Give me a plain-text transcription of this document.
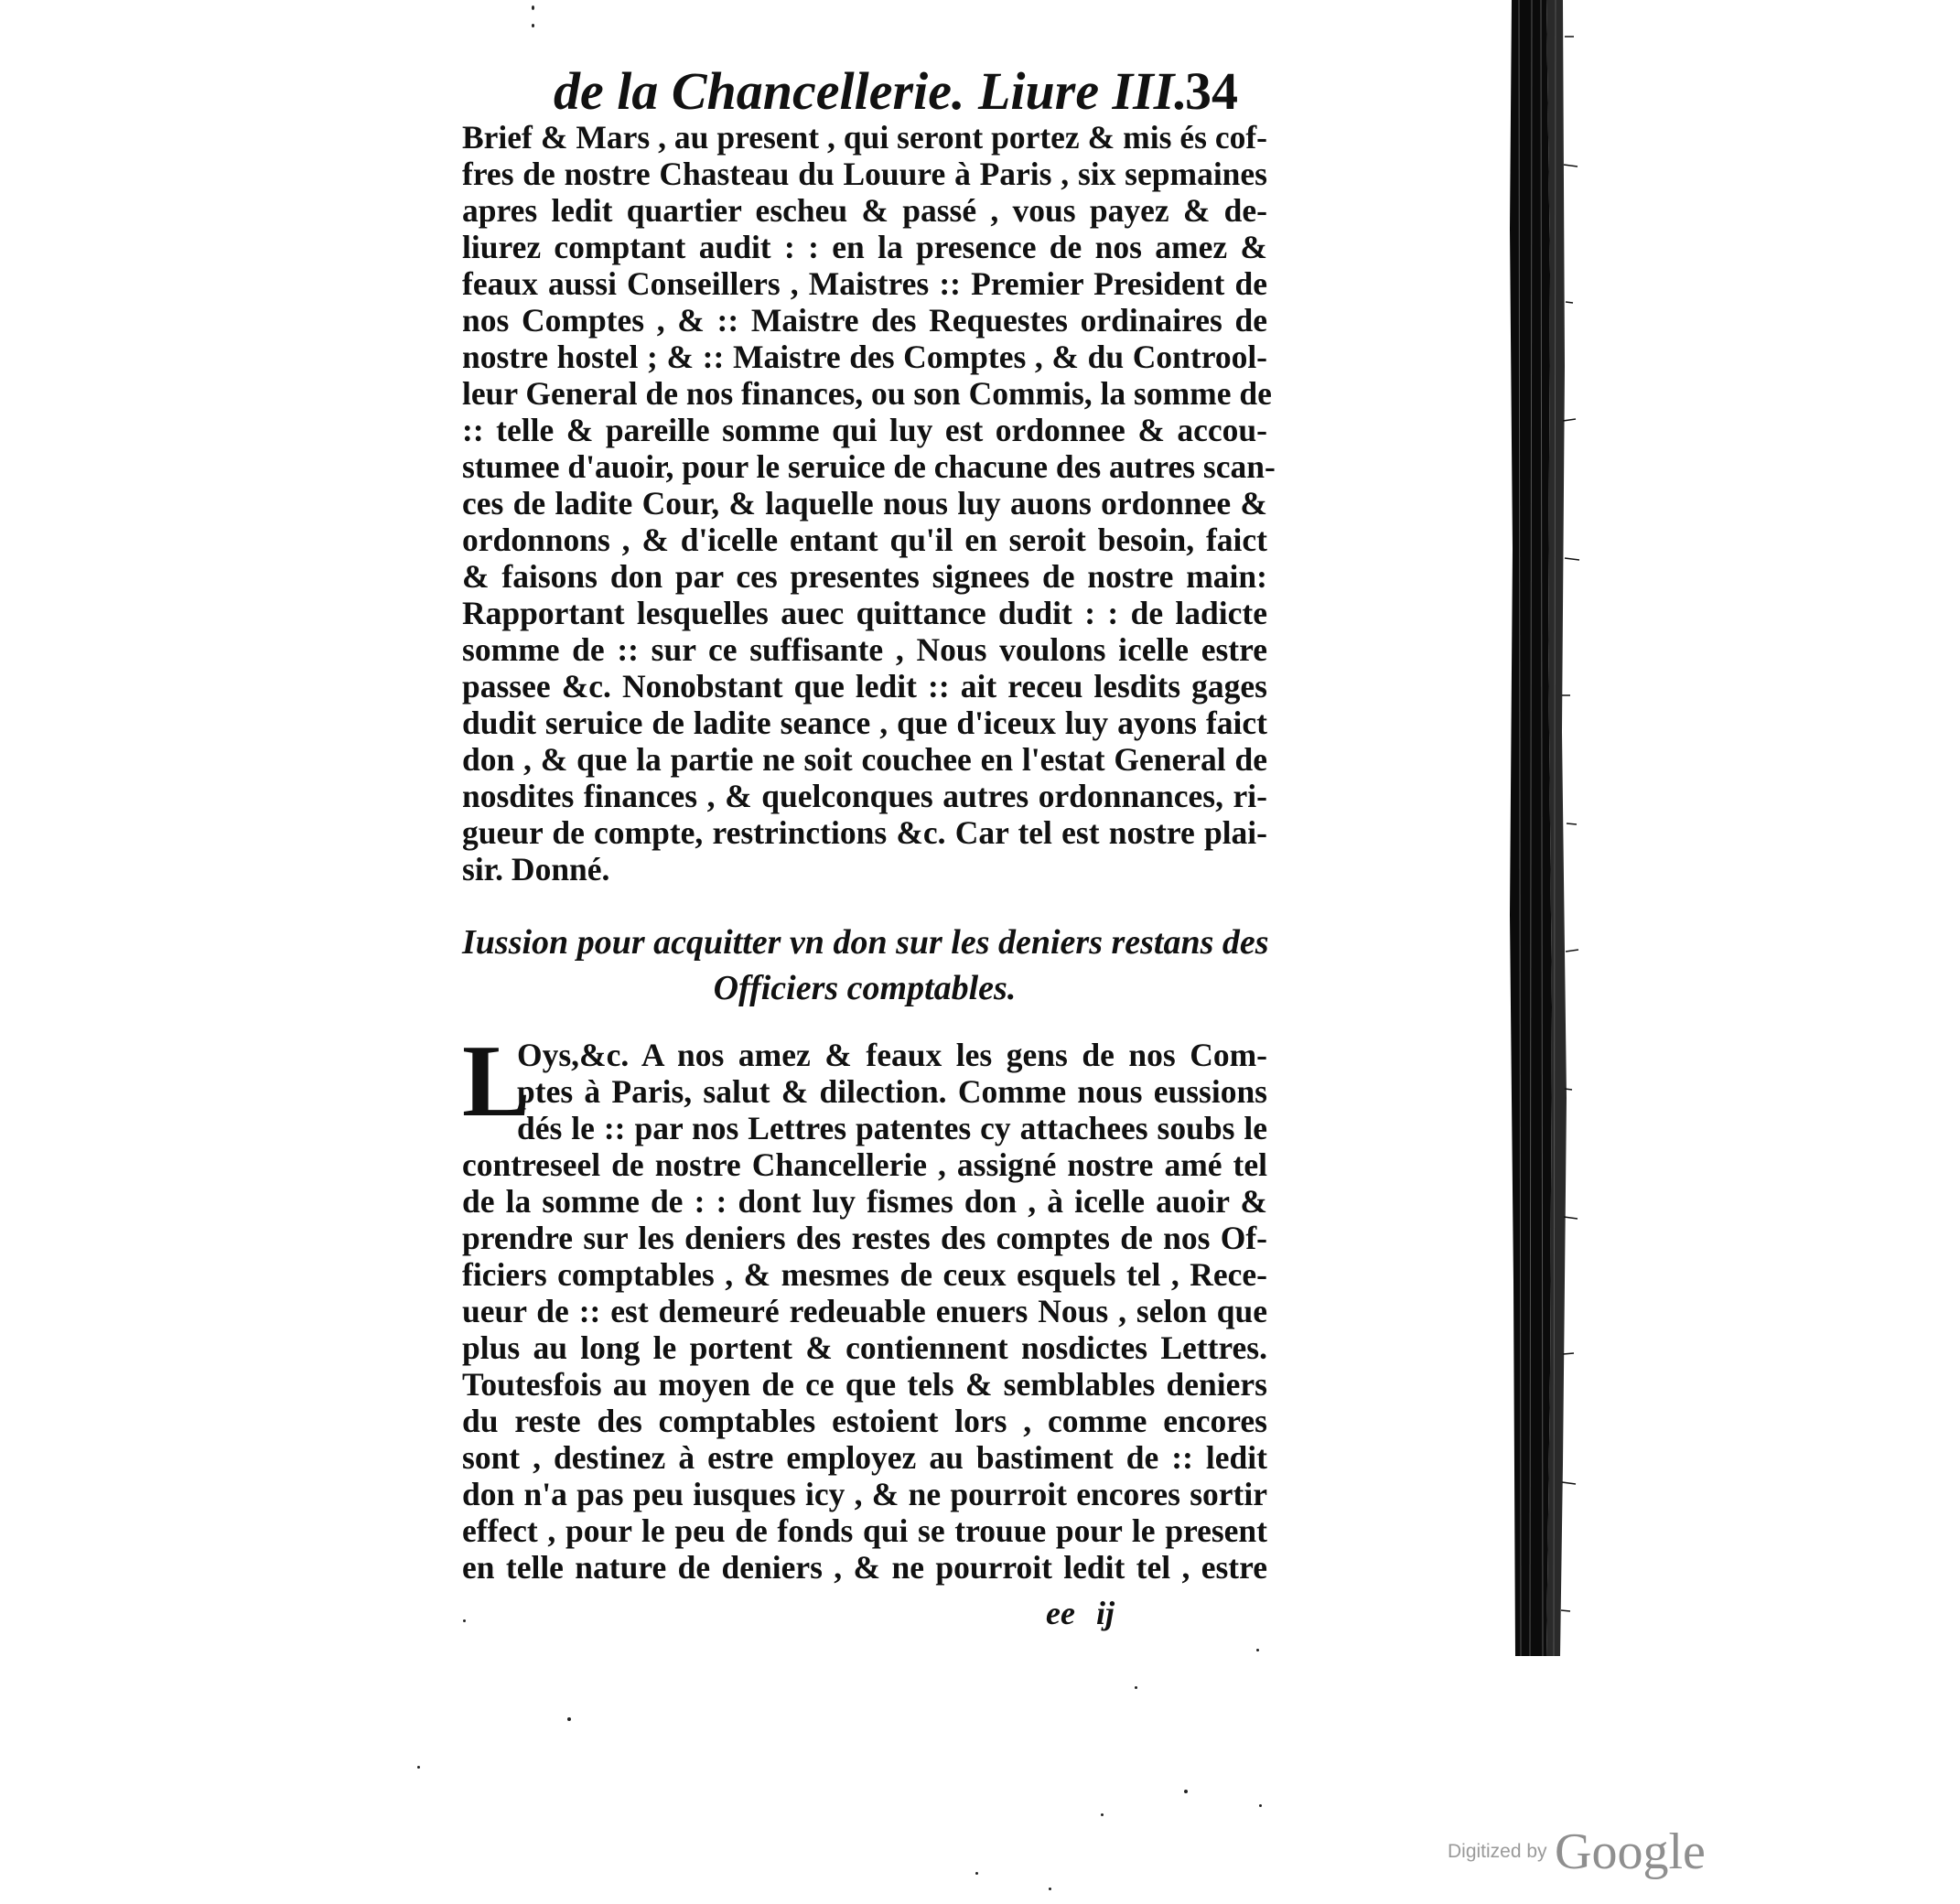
de la Chancellerie. Liure III.
34
Brief & Mars , au present , qui seront portez & mis és cof-
fres de nostre Chasteau du Louure à Paris , six sepmaines
apres ledit quartier escheu & passé , vous payez & de-
liurez comptant audit : : en la presence de nos amez &
feaux aussi Conseillers , Maistres :: Premier President de
nos Comptes , & :: Maistre des Requestes ordinaires de
nostre hostel ; & :: Maistre des Comptes , & du Controol-
leur General de nos finances, ou son Commis, la somme de
:: telle & pareille somme qui luy est ordonnee & accou-
stumee d'auoir, pour le seruice de chacune des autres scan-
ces de ladite Cour, & laquelle nous luy auons ordonnee &
ordonnons , & d'icelle entant qu'il en seroit besoin, faict
& faisons don par ces presentes signees de nostre main:
Rapportant lesquelles auec quittance dudit : : de ladicte
somme de :: sur ce suffisante , Nous voulons icelle estre
passee &c. Nonobstant que ledit :: ait receu lesdits gages
dudit seruice de ladite seance , que d'iceux luy ayons faict
don , & que la partie ne soit couchee en l'estat General de
nosdites finances , & quelconques autres ordonnances, ri-
gueur de compte, restrinctions &c. Car tel est nostre plai-
sir. Donné.
Iussion pour acquitter vn don sur les deniers restans des
Officiers comptables.
L
Oys,&c. A nos amez & feaux les gens de nos Com-
ptes à Paris, salut & dilection. Comme nous eussions
dés le :: par nos Lettres patentes cy attachees soubs le
contreseel de nostre Chancellerie , assigné nostre amé tel
de la somme de : : dont luy fismes don , à icelle auoir &
prendre sur les deniers des restes des comptes de nos Of-
ficiers comptables , & mesmes de ceux esquels tel , Rece-
ueur de :: est demeuré redeuable enuers Nous , selon que
plus au long le portent & contiennent nosdictes Lettres.
Toutesfois au moyen de ce que tels & semblables deniers
du reste des comptables estoient lors , comme encores
sont , destinez à estre employez au bastiment de :: ledit
don n'a pas peu iusques icy , & ne pourroit encores sortir
effect , pour le peu de fonds qui se trouue pour le present
en telle nature de deniers , & ne pourroit ledit tel , estre
ee ij
Digitized by Google
